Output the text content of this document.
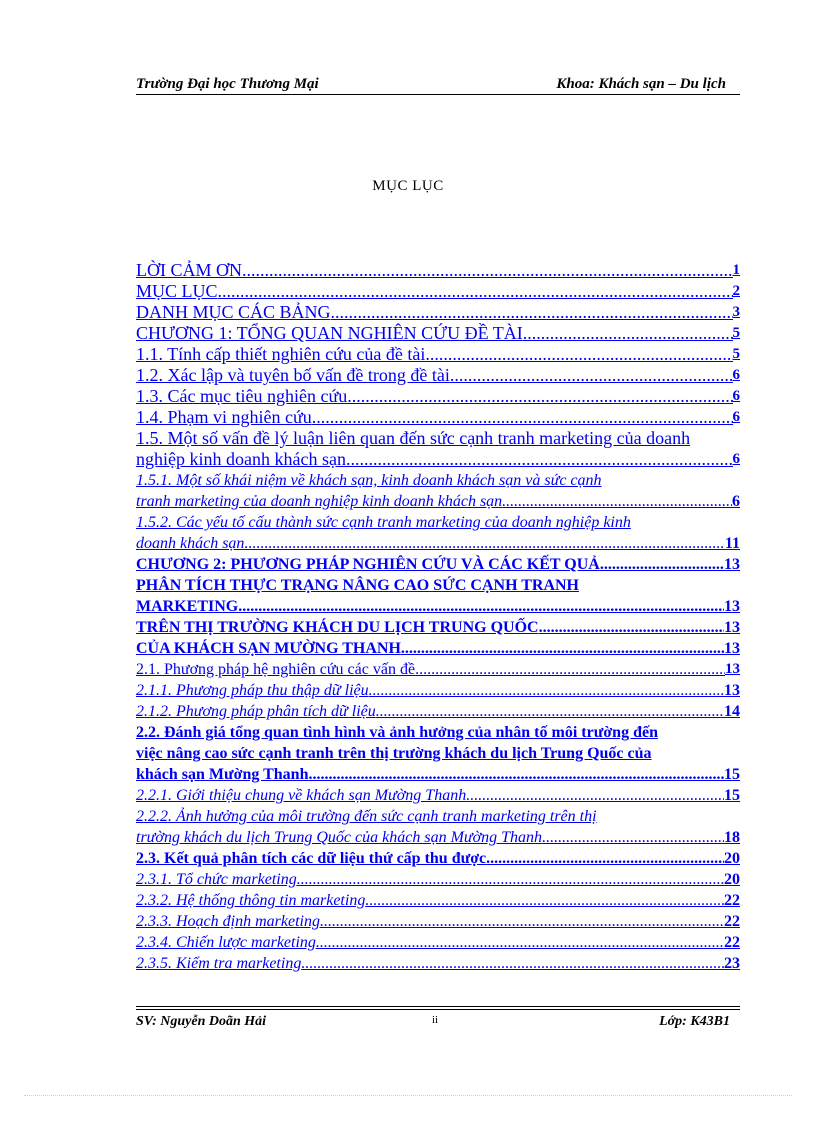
Trường Đại học Thương Mại	Khoa: Khách sạn – Du lịch
MỤC LỤC
LỜI CẢM ƠN .....	1
MỤC LỤC .....	2
DANH MỤC CÁC BẢNG .....	3
CHƯƠNG 1: TỔNG QUAN NGHIÊN CỨU ĐỀ TÀI .....	5
1.1. Tính cấp thiết nghiên cứu của đề tài .....	5
1.2. Xác lập và tuyên bố vấn đề trong đề tài .....	6
1.3. Các mục tiêu nghiên cứu .....	6
1.4. Phạm vi nghiên cứu .....	6
1.5. Một số vấn đề lý luận liên quan đến sức cạnh tranh marketing của doanh
nghiệp kinh doanh khách sạn .....	6
1.5.1. Một số khái niệm về khách sạn, kinh doanh khách sạn và sức cạnh
tranh marketing của doanh nghiệp kinh doanh khách sạn .....	6
1.5.2. Các yếu tố cấu thành sức cạnh tranh marketing của doanh nghiệp kinh
doanh khách sạn .....	11
CHƯƠNG 2: PHƯƠNG PHÁP NGHIÊN CỨU VÀ CÁC KẾT QUẢ .....	13
PHÂN TÍCH THỰC TRẠNG NÂNG CAO SỨC CẠNH TRANH
MARKETING .....	13
TRÊN THỊ TRƯỜNG KHÁCH DU LỊCH TRUNG QUỐC .....	13
CỦA KHÁCH SẠN MƯỜNG THANH .....	13
2.1. Phương pháp hệ nghiên cứu các vấn đề .....	13
2.1.1. Phương pháp thu thập dữ liệu .....	13
2.1.2. Phương pháp phân tích dữ liệu .....	14
2.2. Đánh giá tổng quan tình hình và ảnh hưởng của nhân tố môi trường đến
việc nâng cao sức cạnh tranh trên thị trường khách du lịch Trung Quốc của
khách sạn Mường Thanh .....	15
2.2.1. Giới thiệu chung về khách sạn Mường Thanh .....	15
2.2.2. Ảnh hưởng của môi trường đến sức cạnh tranh marketing trên thị
trường khách du lịch Trung Quốc của khách sạn Mường Thanh .....	18
2.3. Kết quả phân tích các dữ liệu thứ cấp thu được .....	20
2.3.1. Tổ chức marketing .....	20
2.3.2. Hệ thống thông tin marketing .....	22
2.3.3. Hoạch định marketing .....	22
2.3.4. Chiến lược marketing .....	22
2.3.5. Kiểm tra marketing .....	23
SV: Nguyễn Doãn Hải	ii	Lớp: K43B1
